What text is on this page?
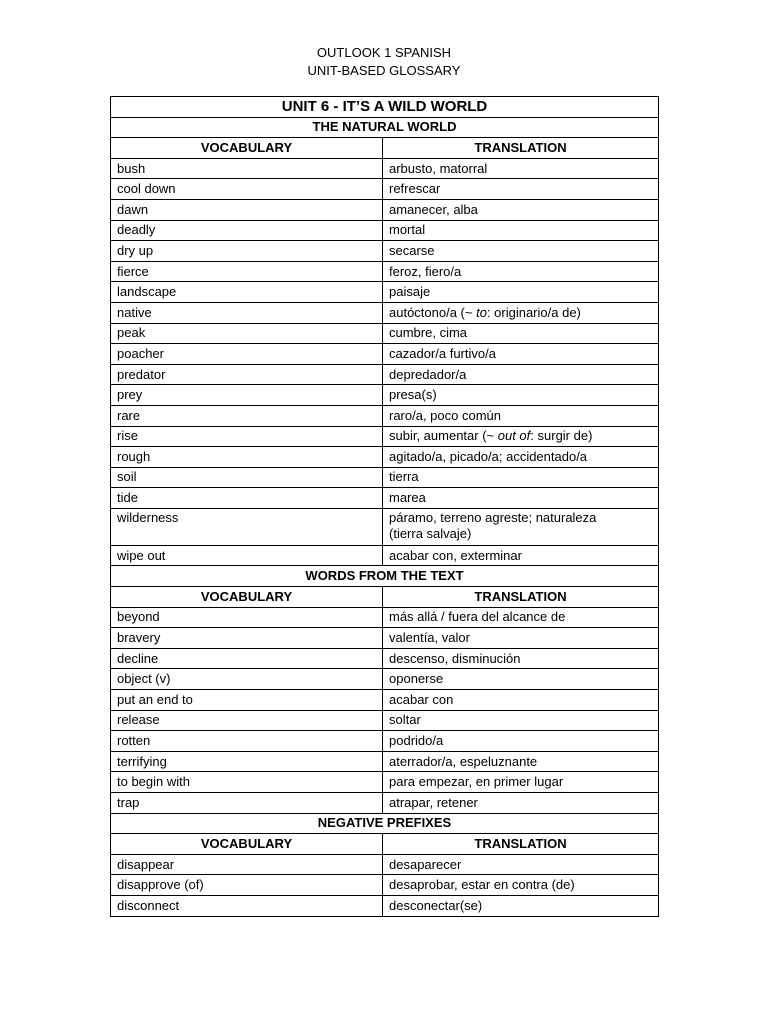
OUTLOOK 1 SPANISH
UNIT-BASED GLOSSARY
UNIT 6 - IT’S A WILD WORLD	
THE NATURAL WORLD	
VOCABULARY	TRANSLATION
bush	arbusto, matorral
cool down	refrescar
dawn	amanecer, alba
deadly	mortal
dry up	secarse
fierce	feroz, fiero/a
landscape	paisaje
native	autóctono/a (~ to: originario/a de)
peak	cumbre, cima
poacher	cazador/a furtivo/a
predator	depredador/a
prey	presa(s)
rare	raro/a, poco común
rise	subir, aumentar (~ out of: surgir de)
rough	agitado/a, picado/a; accidentado/a
soil	tierra
tide	marea
wilderness	páramo, terreno agreste; naturaleza
(tierra salvaje)

wipe out	acabar con, exterminar
WORDS FROM THE TEXT	
VOCABULARY	TRANSLATION
beyond	más allá / fuera del alcance de
bravery	valentía, valor
decline	descenso, disminución
object (v)	oponerse
put an end to	acabar con
release	soltar
rotten	podrido/a
terrifying	aterrador/a, espeluznante
to begin with	para empezar, en primer lugar
trap	atrapar, retener
NEGATIVE PREFIXES	
VOCABULARY	TRANSLATION
disappear	desaparecer
disapprove (of)	desaprobar, estar en contra (de)
disconnect	desconectar(se)
